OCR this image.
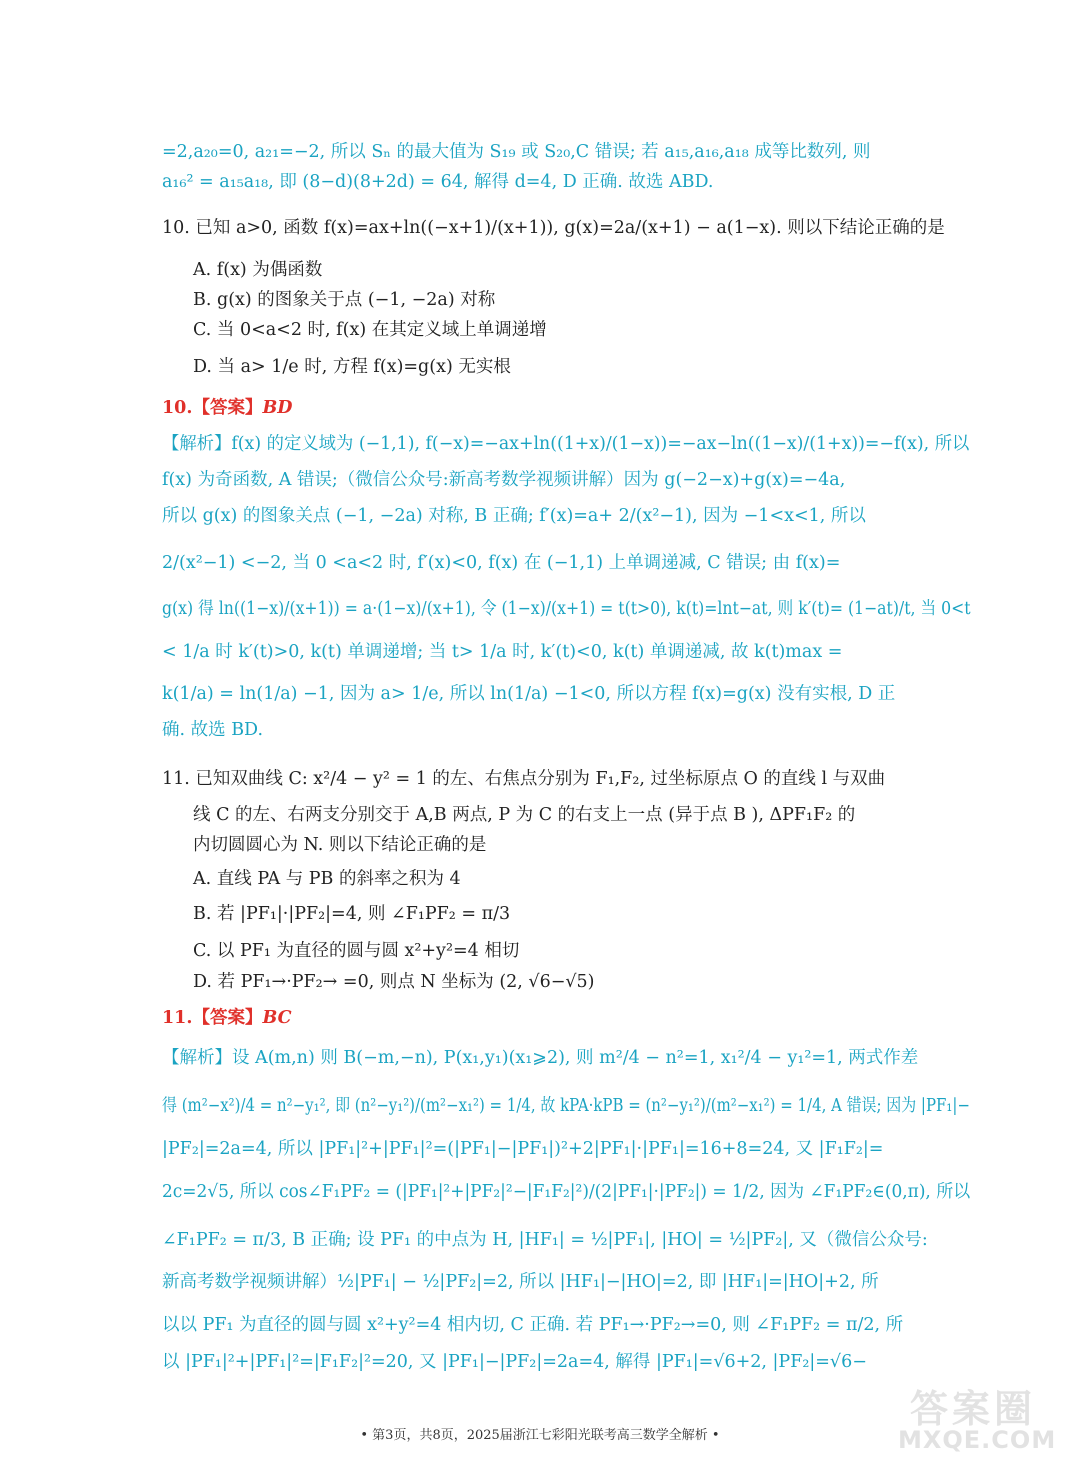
=2,a₂₀=0, a₂₁=−2, 所以 Sₙ 的最大值为 S₁₉ 或 S₂₀,C 错误; 若 a₁₅,a₁₆,a₁₈ 成等比数列, 则
a₁₆² = a₁₅a₁₈, 即 (8−d)(8+2d) = 64, 解得 d=4, D 正确. 故选 ABD.
10. 已知 a>0, 函数 f(x)=ax+ln((−x+1)/(x+1)), g(x)=2a/(x+1) − a(1−x). 则以下结论正确的是
A. f(x) 为偶函数
B. g(x) 的图象关于点 (−1, −2a) 对称
C. 当 0<a<2 时, f(x) 在其定义域上单调递增
D. 当 a> 1/e 时, 方程 f(x)=g(x) 无实根
10.【答案】BD
【解析】f(x) 的定义域为 (−1,1), f(−x)=−ax+ln((1+x)/(1−x))=−ax−ln((1−x)/(1+x))=−f(x), 所以
f(x) 为奇函数, A 错误;（微信公众号:新高考数学视频讲解）因为 g(−2−x)+g(x)=−4a,
所以 g(x) 的图象关点 (−1, −2a) 对称, B 正确; f′(x)=a+ 2/(x²−1), 因为 −1<x<1, 所以
2/(x²−1) <−2, 当 0 <a<2 时, f′(x)<0, f(x) 在 (−1,1) 上单调递减, C 错误; 由 f(x)=
g(x) 得 ln((1−x)/(x+1)) = a·(1−x)/(x+1), 令 (1−x)/(x+1) = t(t>0), k(t)=lnt−at, 则 k′(t)= (1−at)/t, 当 0<t
< 1/a 时 k′(t)>0, k(t) 单调递增; 当 t> 1/a 时, k′(t)<0, k(t) 单调递减, 故 k(t)max =
k(1/a) = ln(1/a) −1, 因为 a> 1/e, 所以 ln(1/a) −1<0, 所以方程 f(x)=g(x) 没有实根, D 正
确. 故选 BD.
11. 已知双曲线 C: x²/4 − y² = 1 的左、右焦点分别为 F₁,F₂, 过坐标原点 O 的直线 l 与双曲
线 C 的左、右两支分别交于 A,B 两点, P 为 C 的右支上一点 (异于点 B ), ΔPF₁F₂ 的
内切圆圆心为 N. 则以下结论正确的是
A. 直线 PA 与 PB 的斜率之积为 4
B. 若 |PF₁|·|PF₂|=4, 则 ∠F₁PF₂ = π/3
C. 以 PF₁ 为直径的圆与圆 x²+y²=4 相切
D. 若 PF₁→·PF₂→ =0, 则点 N 坐标为 (2, √6−√5)
11.【答案】BC
【解析】设 A(m,n) 则 B(−m,−n), P(x₁,y₁)(x₁⩾2), 则 m²/4 − n²=1, x₁²/4 − y₁²=1, 两式作差
得 (m²−x²)/4 = n²−y₁², 即 (n²−y₁²)/(m²−x₁²) = 1/4, 故 kPA·kPB = (n²−y₁²)/(m²−x₁²) = 1/4, A 错误; 因为 |PF₁|−
|PF₂|=2a=4, 所以 |PF₁|²+|PF₁|²=(|PF₁|−|PF₁|)²+2|PF₁|·|PF₁|=16+8=24, 又 |F₁F₂|=
2c=2√5, 所以 cos∠F₁PF₂ = (|PF₁|²+|PF₂|²−|F₁F₂|²)/(2|PF₁|·|PF₂|) = 1/2, 因为 ∠F₁PF₂∈(0,π), 所以
∠F₁PF₂ = π/3, B 正确; 设 PF₁ 的中点为 H, |HF₁| = ½|PF₁|, |HO| = ½|PF₂|, 又（微信公众号:
新高考数学视频讲解）½|PF₁| − ½|PF₂|=2, 所以 |HF₁|−|HO|=2, 即 |HF₁|=|HO|+2, 所
以以 PF₁ 为直径的圆与圆 x²+y²=4 相内切, C 正确. 若 PF₁→·PF₂→=0, 则 ∠F₁PF₂ = π/2, 所
以 |PF₁|²+|PF₁|²=|F₁F₂|²=20, 又 |PF₁|−|PF₂|=2a=4, 解得 |PF₁|=√6+2, |PF₂|=√6−
• 第3页，共8页，2025届浙江七彩阳光联考高三数学全解析 •
答案圈
MXQE.COM
